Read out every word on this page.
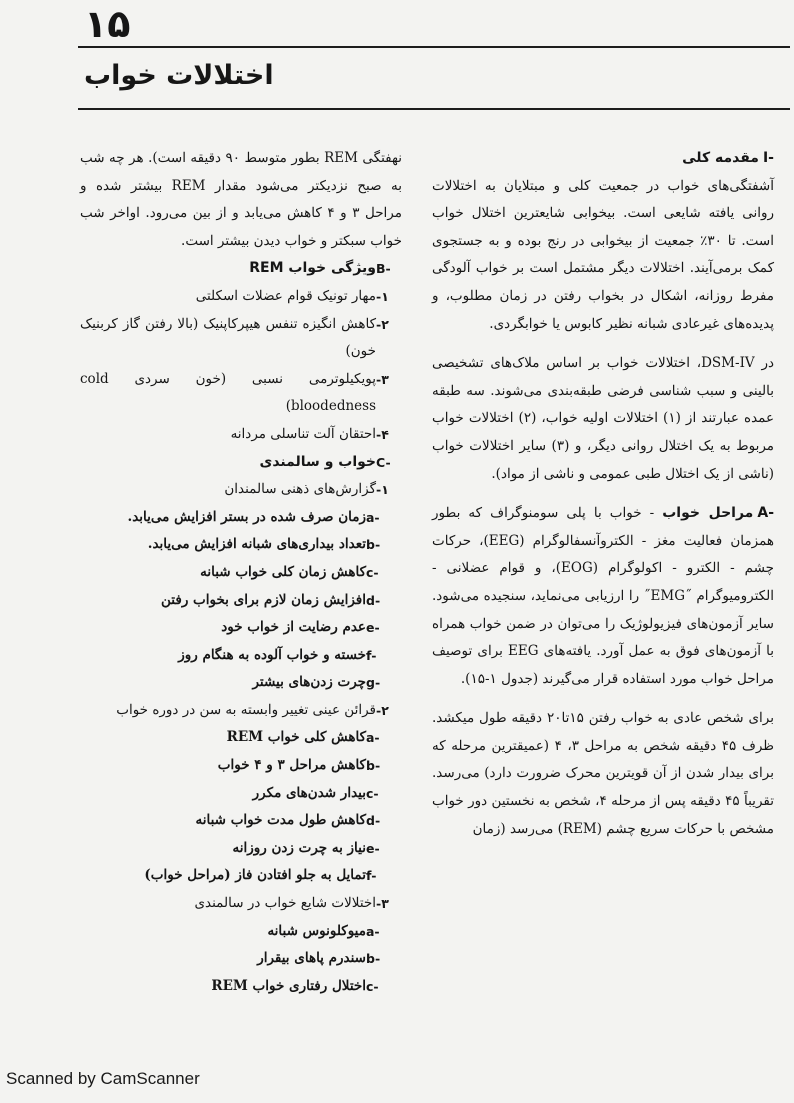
۱۵
اختلالات خواب
I-مقدمه کلی

آشفتگی‌های خواب در جمعیت کلی و مبتلایان به اختلالات روانی یافته شایعی است. بیخوابی شایعترین اختلال خواب است. تا ۳۰٪ جمعیت از بیخوابی در رنج بوده و به جستجوی کمک برمی‌آیند. اختلالات دیگر مشتمل است بر خواب آلودگی مفرط روزانه، اشکال در بخواب رفتن در زمان مطلوب، و پدیده‌های غیرعادی شبانه نظیر کابوس یا خوابگردی.

در DSM-IV، اختلالات خواب بر اساس ملاک‌های تشخیصی بالینی و سبب شناسی فرضی طبقه‌بندی می‌شوند. سه طبقه عمده عبارتند از (۱) اختلالات اولیه خواب، (۲) اختلالات خواب مربوط به یک اختلال روانی دیگر، و (۳) سایر اختلالات خواب (ناشی از یک اختلال طبی عمومی و ناشی از مواد).

A-مراحل خواب - خواب با پلی سومنوگراف که بطور همزمان فعالیت مغز - الکتروآنسفالوگرام (EEG)، حرکات چشم - الکترو - اکولوگرام (EOG)، و قوام عضلانی - الکترومیوگرام ˝EMG˝ را ارزیابی می‌نماید، سنجیده می‌شود. سایر آزمون‌های فیزیولوژیک را می‌توان در ضمن خواب همراه با آزمون‌های فوق به عمل آورد. یافته‌های EEG برای توصیف مراحل خواب مورد استفاده قرار می‌گیرند (جدول ۱-۱۵).

برای شخص عادی به خواب رفتن ۱۵تا۲۰ دقیقه طول میکشد. ظرف ۴۵ دقیقه شخص به مراحل ۳، ۴ (عمیقترین مرحله که برای بیدار شدن از آن قویترین محرک ضرورت دارد) می‌رسد. تقریباً ۴۵ دقیقه پس از مرحله ۴، شخص به نخستین دور خواب مشخص با حرکات سریع چشم (REM) می‌رسد (زمان

نهفتگی REM بطور متوسط ۹۰ دقیقه است). هر چه شب به صبح نزدیکتر می‌شود مقدار REM بیشتر شده و مراحل ۳ و ۴ کاهش می‌یابد و از بین می‌رود. اواخر شب خواب سبکتر و خواب دیدن بیشتر است.

B-
ویژگی خواب REM
-۱
مهار تونیک قوام عضلات اسکلتی
-۲
کاهش انگیزه تنفس هیپرکاپنیک (بالا رفتن گاز کربنیک خون)
-۳
پویکیلوترمی نسبی (خون سردی cold bloodedness)
-۴
احتقان آلت تناسلی مردانه
C-
خواب و سالمندی
-۱
گزارش‌های ذهنی سالمندان
a-
زمان صرف شده در بستر افزایش می‌یابد.
b-
تعداد بیداری‌های شبانه افزایش می‌یابد.
c-
کاهش زمان کلی خواب شبانه
d-
افزایش زمان لازم برای بخواب رفتن
e-
عدم رضایت از خواب خود
f-
خسته و خواب آلوده به هنگام روز
g-
چرت زدن‌های بیشتر
-۲
قرائن عینی تغییر وابسته به سن در دوره خواب
a-
کاهش کلی خواب REM
b-
کاهش مراحل ۳ و ۴ خواب
c-
بیدار شدن‌های مکرر
d-
کاهش طول مدت خواب شبانه
e-
نیاز به چرت زدن روزانه
f-
تمایل به جلو افتادن فاز (مراحل خواب)
-۳
اختلالات شایع خواب در سالمندی
a-
میوکلونوس شبانه
b-
سندرم پاهای بیقرار
c-
اختلال رفتاری خواب REM
Scanned by CamScanner
